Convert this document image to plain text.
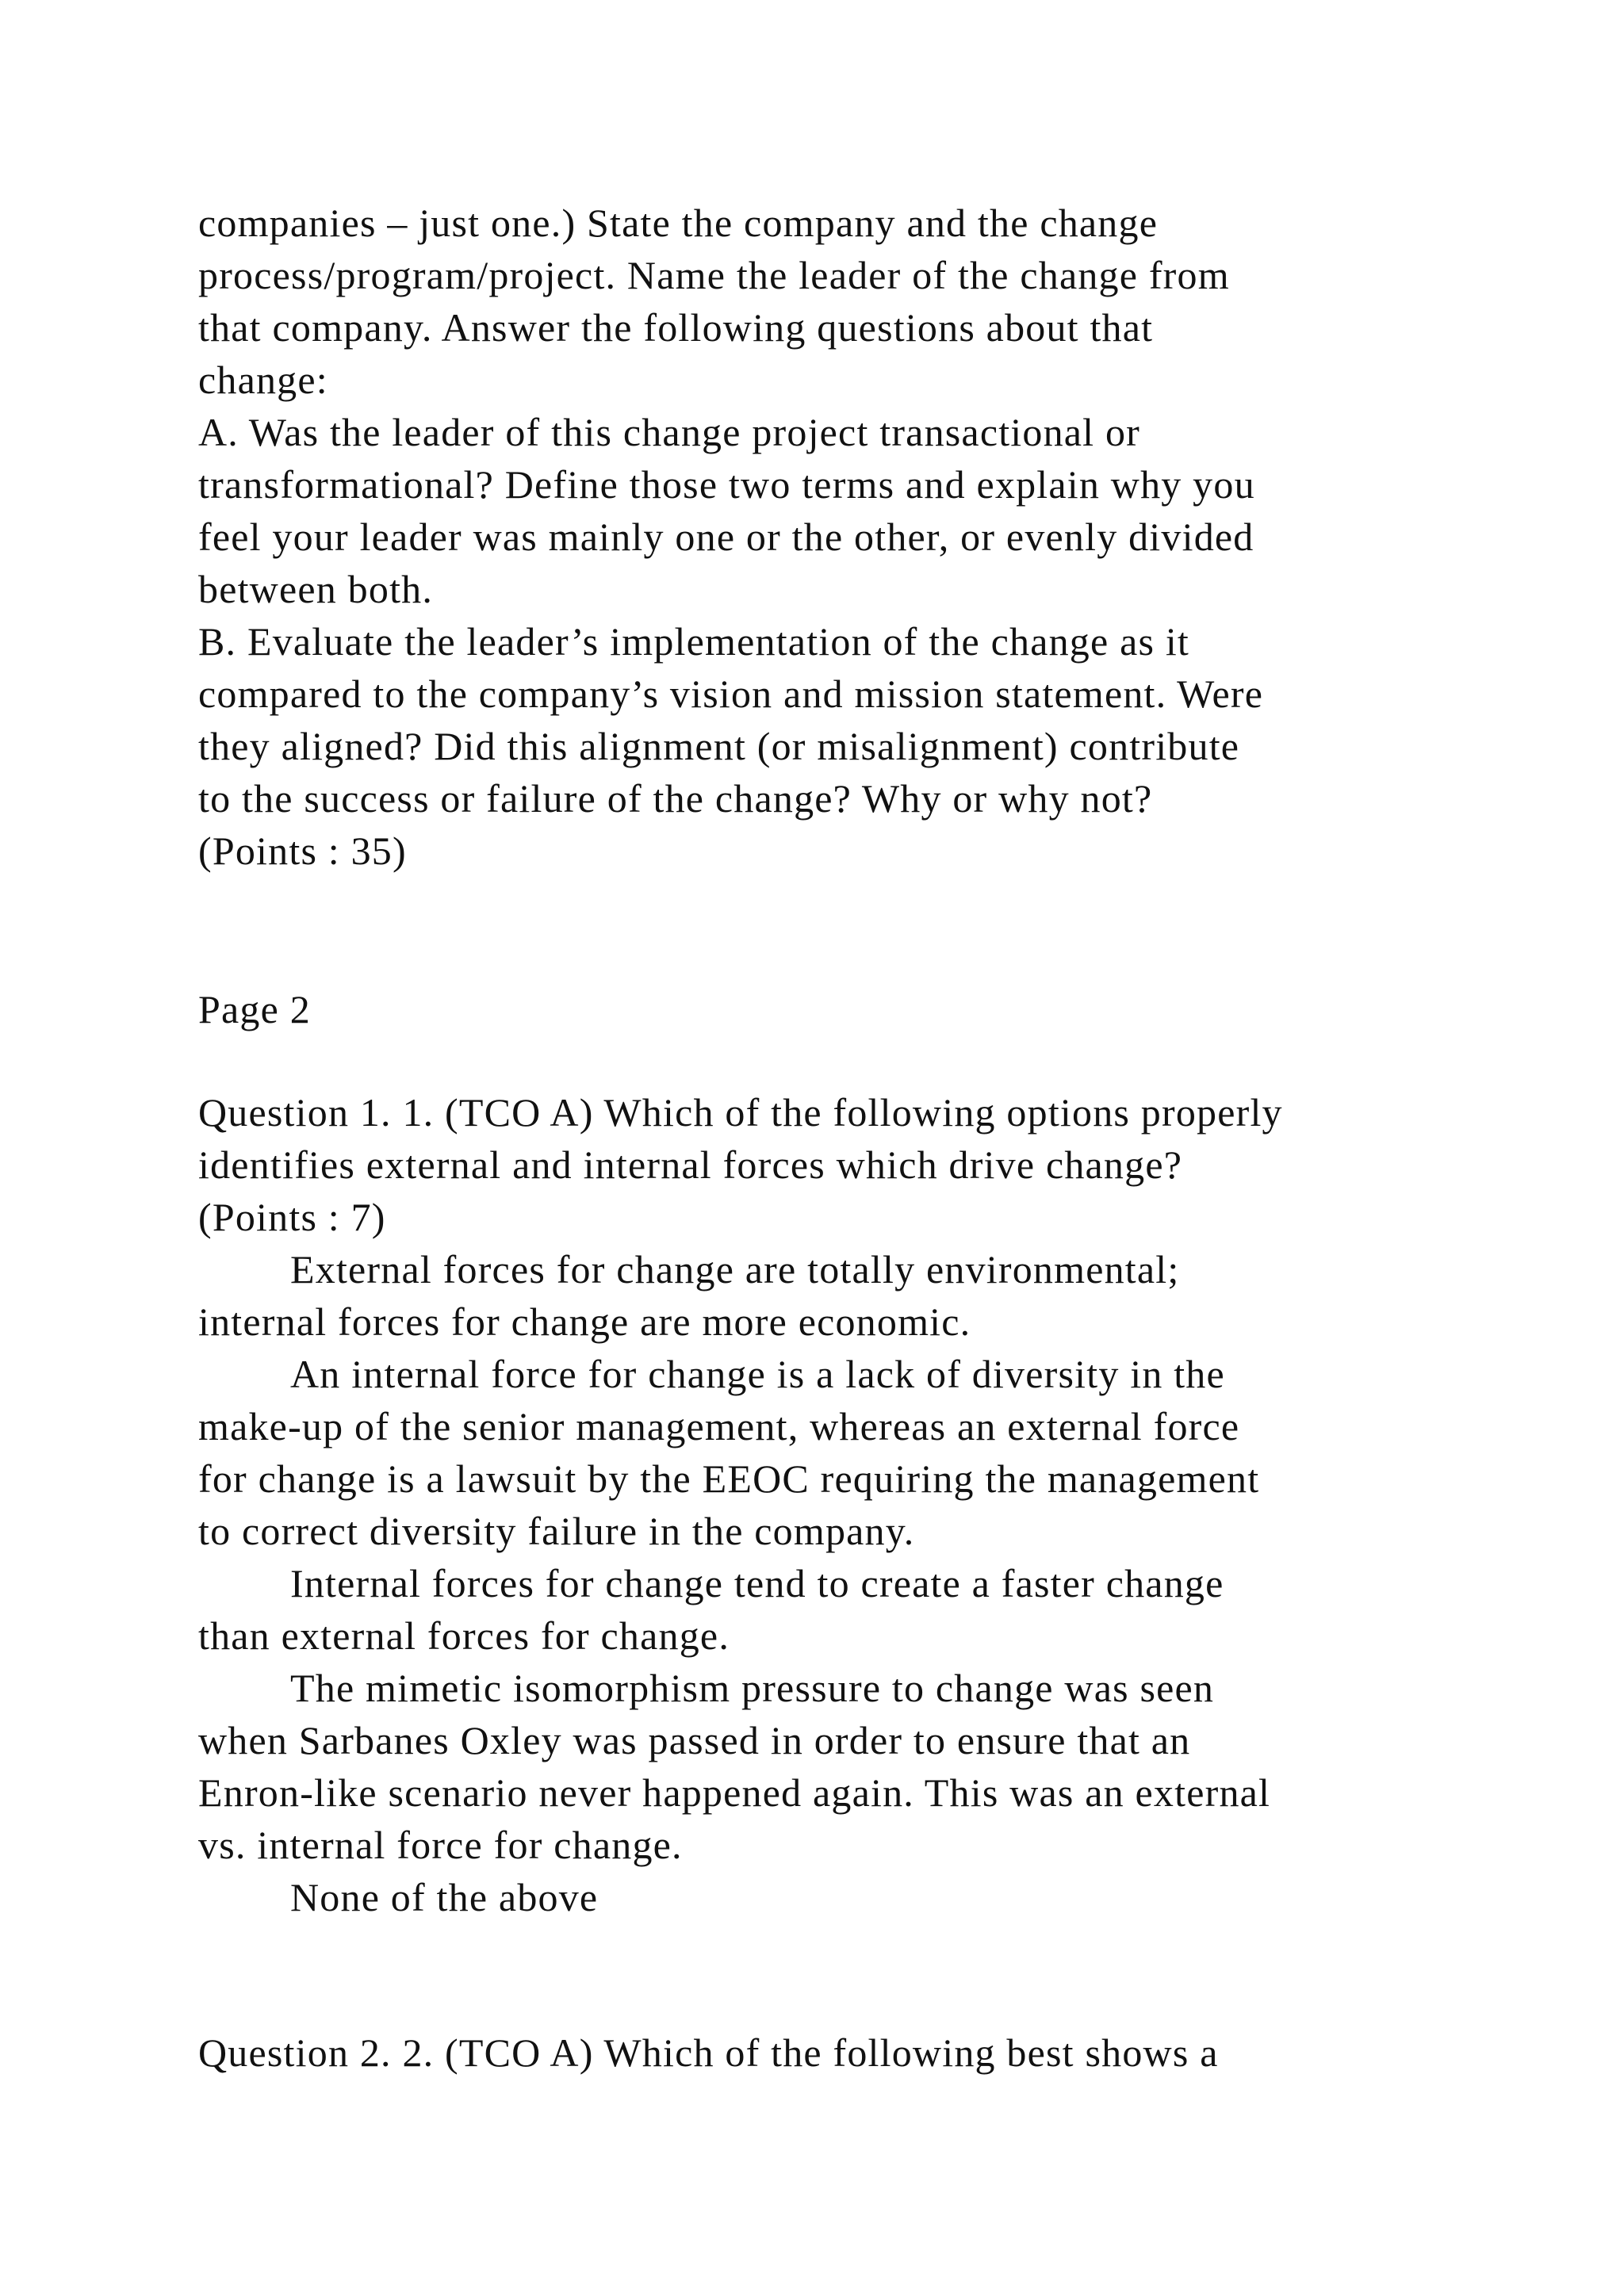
companies – just one.) State the company and the change
process/program/project. Name the leader of the change from
that company. Answer the following questions about that
change:
A. Was the leader of this change project transactional or
transformational? Define those two terms and explain why you
feel your leader was mainly one or the other, or evenly divided
between both.
B. Evaluate the leader’s implementation of the change as it
compared to the company’s vision and mission statement. Were
they aligned? Did this alignment (or misalignment) contribute
to the success or failure of the change? Why or why not?
(Points : 35)
Page 2
Question 1. 1. (TCO A) Which of the following options properly
identifies external and internal forces which drive change?
(Points : 7)
External forces for change are totally environmental;
internal forces for change are more economic.
An internal force for change is a lack of diversity in the
make-up of the senior management, whereas an external force
for change is a lawsuit by the EEOC requiring the management
to correct diversity failure in the company.
Internal forces for change tend to create a faster change
than external forces for change.
The mimetic isomorphism pressure to change was seen
when Sarbanes Oxley was passed in order to ensure that an
Enron-like scenario never happened again. This was an external
vs. internal force for change.
None of the above
Question 2. 2. (TCO A) Which of the following best shows a
